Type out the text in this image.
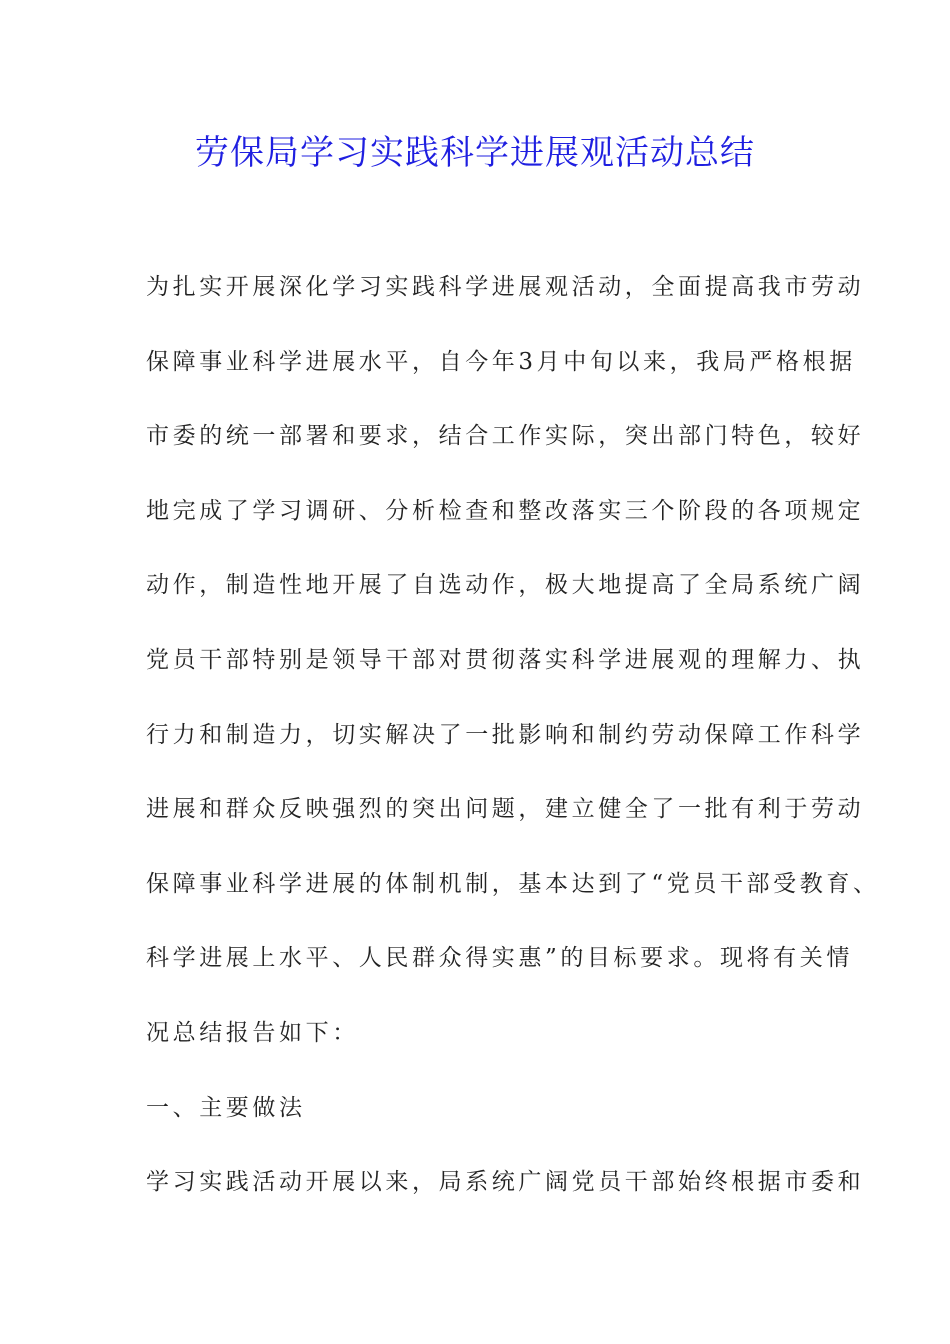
劳保局学习实践科学进展观活动总结
为扎实开展深化学习实践科学进展观活动，全面提高我市劳动
保障事业科学进展水平，自今年3月中旬以来，我局严格根据
市委的统一部署和要求，结合工作实际，突出部门特色，较好
地完成了学习调研、分析检查和整改落实三个阶段的各项规定
动作，制造性地开展了自选动作，极大地提高了全局系统广阔
党员干部特别是领导干部对贯彻落实科学进展观的理解力、执
行力和制造力，切实解决了一批影响和制约劳动保障工作科学
进展和群众反映强烈的突出问题，建立健全了一批有利于劳动
保障事业科学进展的体制机制，基本达到了“党员干部受教育、
科学进展上水平、人民群众得实惠”的目标要求。现将有关情
况总结报告如下：
一、主要做法
学习实践活动开展以来，局系统广阔党员干部始终根据市委和
